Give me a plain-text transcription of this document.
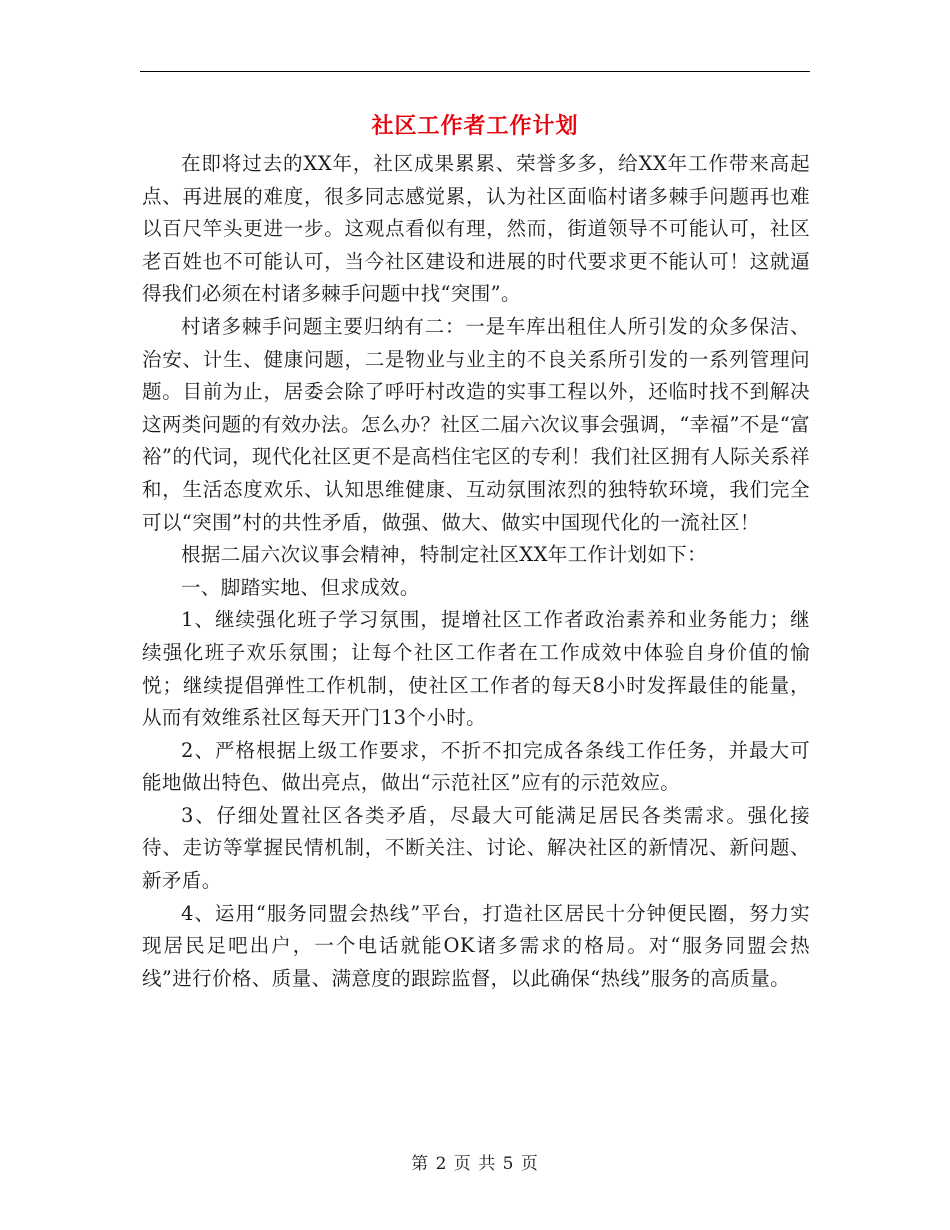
社区工作者工作计划

在即将过去的XX年，社区成果累累、荣誉多多，给XX年工作带来高起点、再进展的难度，很多同志感觉累，认为社区面临村诸多棘手问题再也难以百尺竿头更进一步。这观点看似有理，然而，街道领导不可能认可，社区老百姓也不可能认可，当今社区建设和进展的时代要求更不能认可！这就逼得我们必须在村诸多棘手问题中找“突围”。

村诸多棘手问题主要归纳有二：一是车库出租住人所引发的众多保洁、治安、计生、健康问题，二是物业与业主的不良关系所引发的一系列管理问题。目前为止，居委会除了呼吁村改造的实事工程以外，还临时找不到解决这两类问题的有效办法。怎么办？社区二届六次议事会强调，“幸福”不是“富裕”的代词，现代化社区更不是高档住宅区的专利！我们社区拥有人际关系祥和，生活态度欢乐、认知思维健康、互动氛围浓烈的独特软环境，我们完全可以“突围”村的共性矛盾，做强、做大、做实中国现代化的一流社区！

根据二届六次议事会精神，特制定社区XX年工作计划如下：

一、脚踏实地、但求成效。

1、继续强化班子学习氛围，提增社区工作者政治素养和业务能力；继续强化班子欢乐氛围；让每个社区工作者在工作成效中体验自身价值的愉悦；继续提倡弹性工作机制，使社区工作者的每天8小时发挥最佳的能量，从而有效维系社区每天开门13个小时。

2、严格根据上级工作要求，不折不扣完成各条线工作任务，并最大可能地做出特色、做出亮点，做出“示范社区”应有的示范效应。

3、仔细处置社区各类矛盾，尽最大可能满足居民各类需求。强化接待、走访等掌握民情机制，不断关注、讨论、解决社区的新情况、新问题、新矛盾。

4、运用“服务同盟会热线”平台，打造社区居民十分钟便民圈，努力实现居民足吧出户，一个电话就能OK诸多需求的格局。对“服务同盟会热线”进行价格、质量、满意度的跟踪监督，以此确保“热线”服务的高质量。

第 2 页 共 5 页
